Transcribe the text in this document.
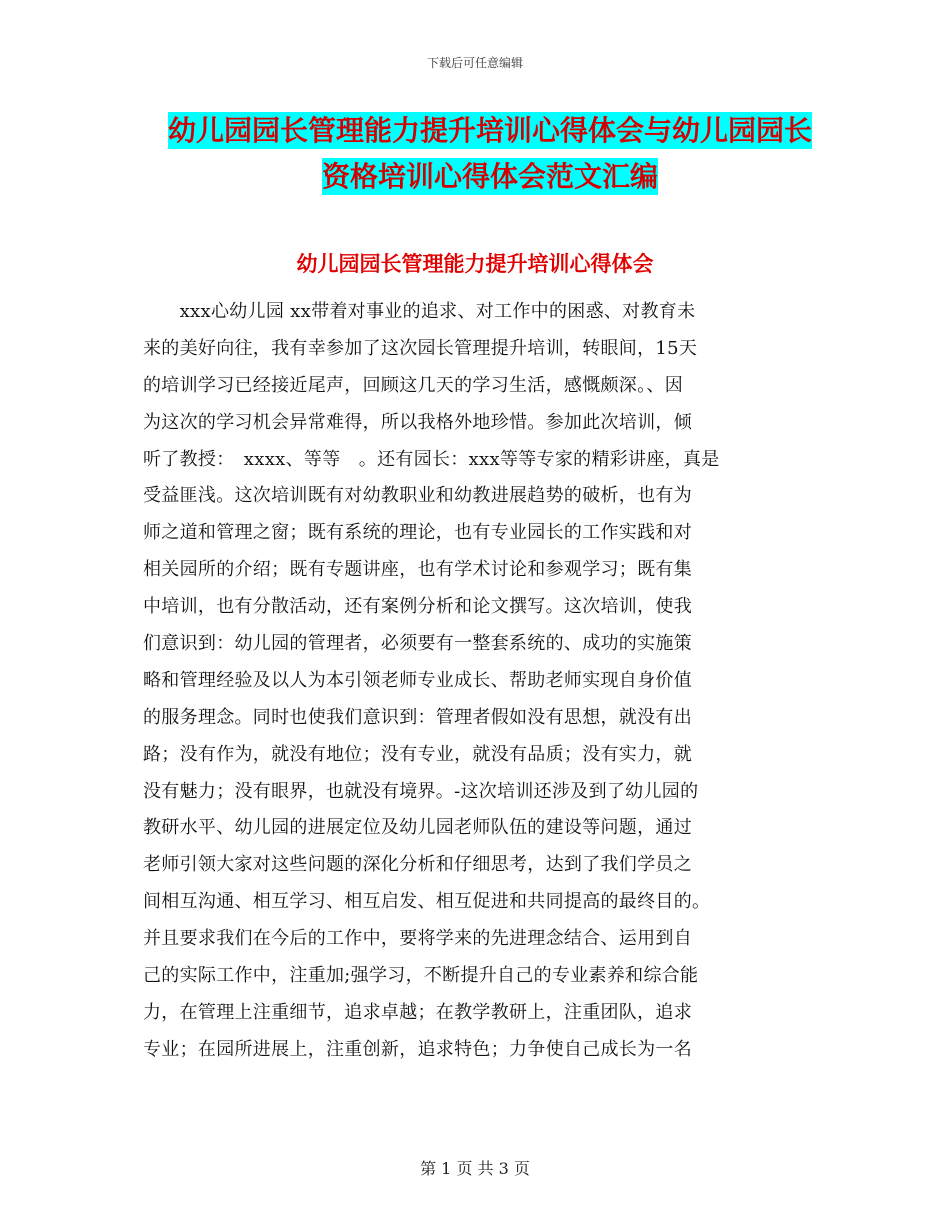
下载后可任意编辑
幼儿园园长管理能力提升培训心得体会与幼儿园园长
资格培训心得体会范文汇编
幼儿园园长管理能力提升培训心得体会
　　xxx心幼儿园 xx带着对事业的追求、对工作中的困惑、对教育未
来的美好向往，我有幸参加了这次园长管理提升培训，转眼间，15天
的培训学习已经接近尾声，回顾这几天的学习生活，感慨颇深。、因
为这次的学习机会异常难得，所以我格外地珍惜。参加此次培训，倾
听了教授：　xxxx、等等　。还有园长：xxx等等专家的精彩讲座，真是
受益匪浅。这次培训既有对幼教职业和幼教进展趋势的破析，也有为
师之道和管理之窗；既有系统的理论，也有专业园长的工作实践和对
相关园所的介绍；既有专题讲座，也有学术讨论和参观学习；既有集
中培训，也有分散活动，还有案例分析和论文撰写。这次培训，使我
们意识到：幼儿园的管理者，必须要有一整套系统的、成功的实施策
略和管理经验及以人为本引领老师专业成长、帮助老师实现自身价值
的服务理念。同时也使我们意识到：管理者假如没有思想，就没有出
路；没有作为，就没有地位；没有专业，就没有品质；没有实力，就
没有魅力；没有眼界，也就没有境界。-这次培训还涉及到了幼儿园的
教研水平、幼儿园的进展定位及幼儿园老师队伍的建设等问题，通过
老师引领大家对这些问题的深化分析和仔细思考，达到了我们学员之
间相互沟通、相互学习、相互启发、相互促进和共同提高的最终目的。
并且要求我们在今后的工作中，要将学来的先进理念结合、运用到自
己的实际工作中，注重加;强学习，不断提升自己的专业素养和综合能
力，在管理上注重细节，追求卓越；在教学教研上，注重团队，追求
专业；在园所进展上，注重创新，追求特色；力争使自己成长为一名
第 1 页 共 3 页
